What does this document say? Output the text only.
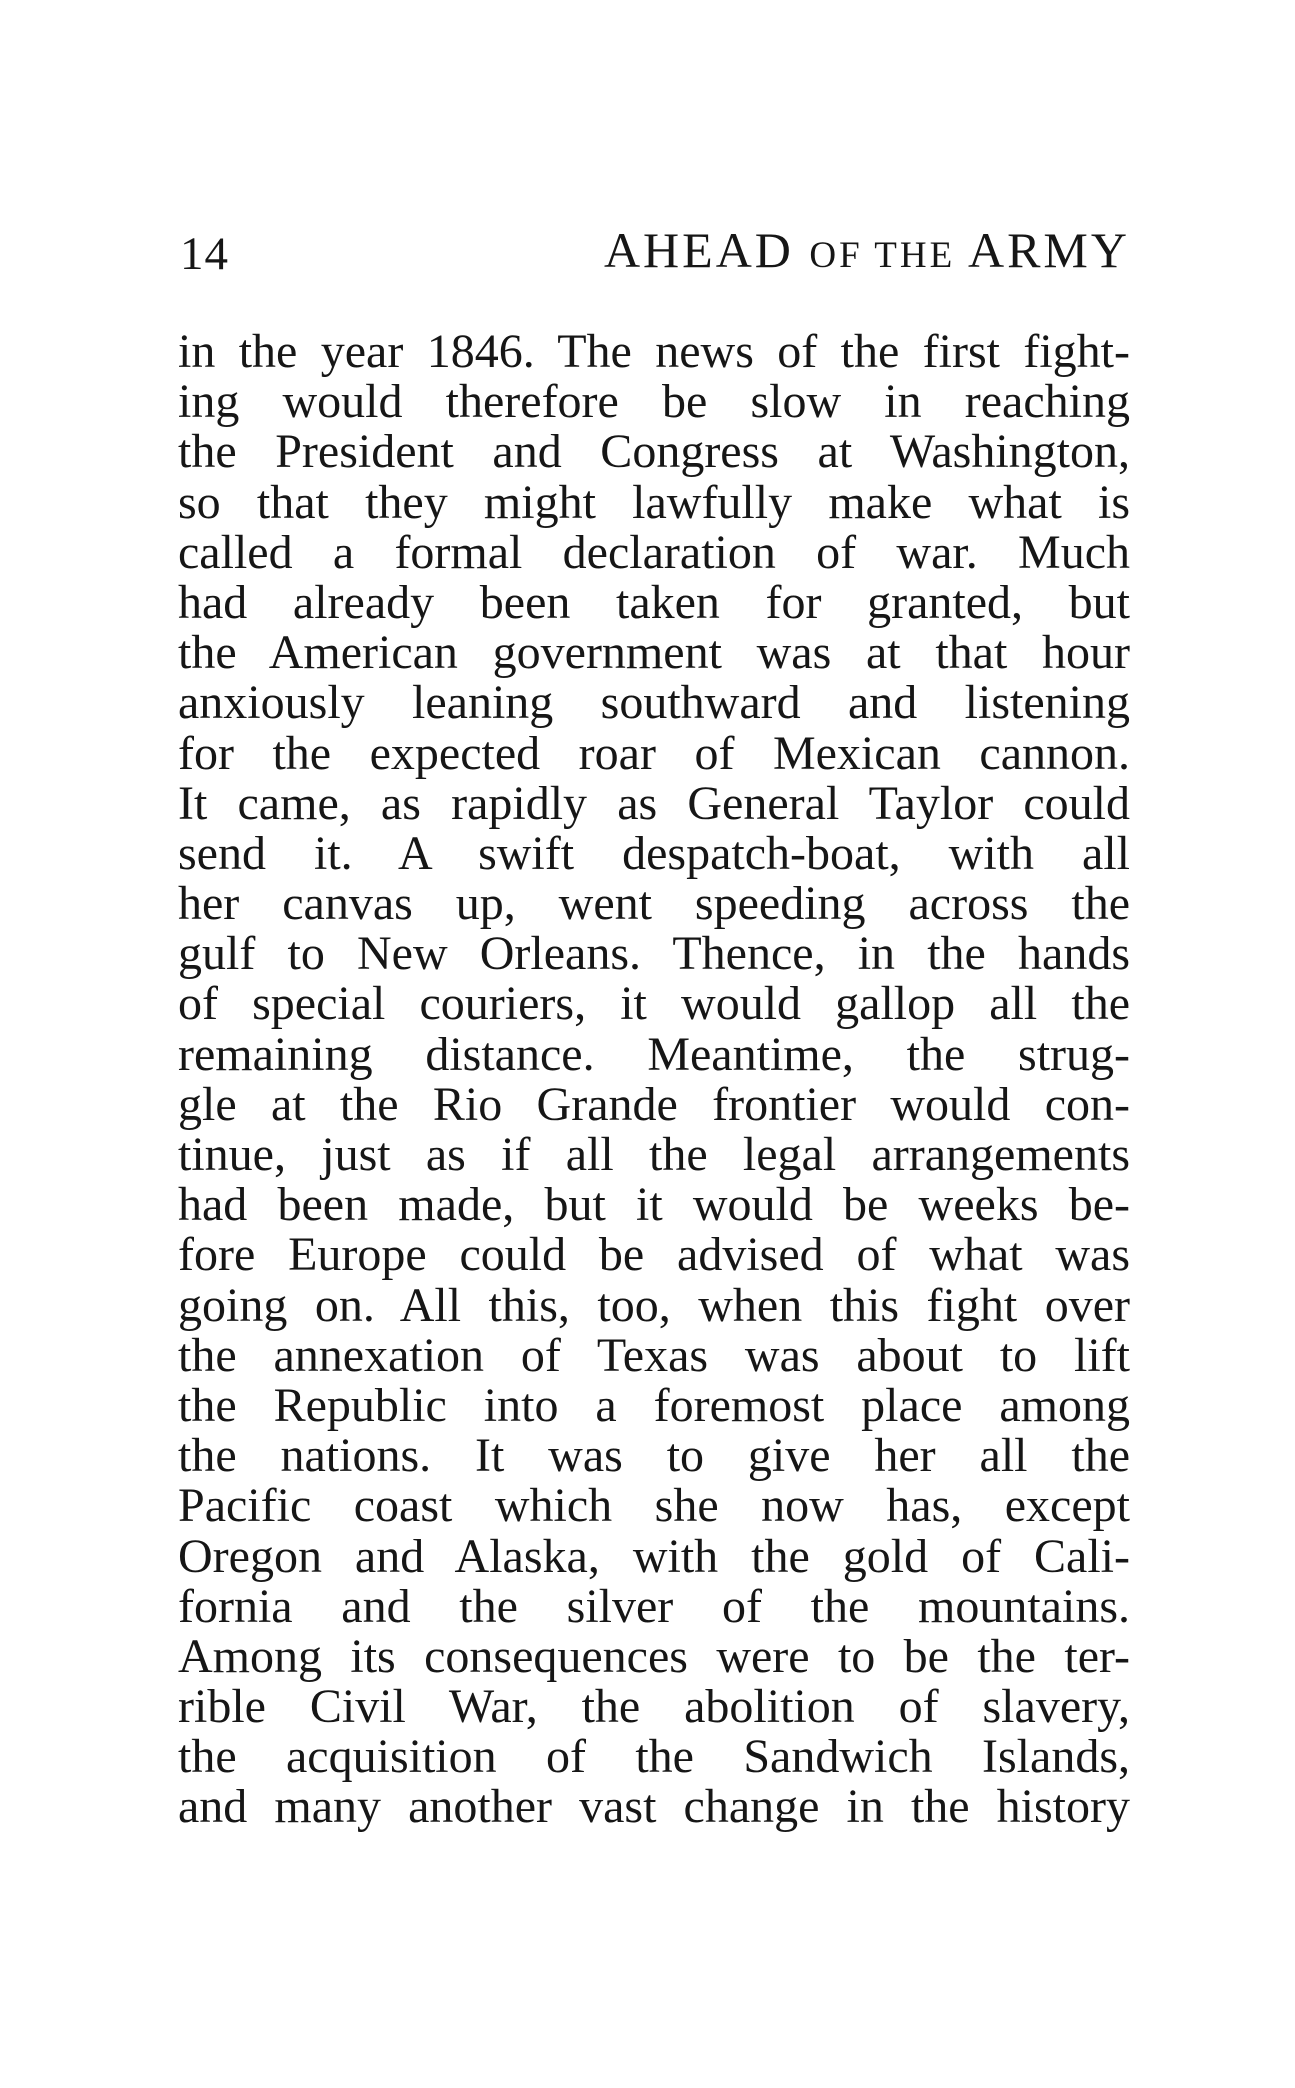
14	AHEAD OF THE ARMY
in the year 1846. The news of the first fight-
ing would therefore be slow in reaching
the President and Congress at Washington,
so that they might lawfully make what is
called a formal declaration of war. Much
had already been taken for granted, but
the American government was at that hour
anxiously leaning southward and listening
for the expected roar of Mexican cannon.
It came, as rapidly as General Taylor could
send it. A swift despatch-boat, with all
her canvas up, went speeding across the
gulf to New Orleans. Thence, in the hands
of special couriers, it would gallop all the
remaining distance. Meantime, the strug-
gle at the Rio Grande frontier would con-
tinue, just as if all the legal arrangements
had been made, but it would be weeks be-
fore Europe could be advised of what was
going on. All this, too, when this fight over
the annexation of Texas was about to lift
the Republic into a foremost place among
the nations. It was to give her all the
Pacific coast which she now has, except
Oregon and Alaska, with the gold of Cali-
fornia and the silver of the mountains.
Among its consequences were to be the ter-
rible Civil War, the abolition of slavery,
the acquisition of the Sandwich Islands,
and many another vast change in the history
